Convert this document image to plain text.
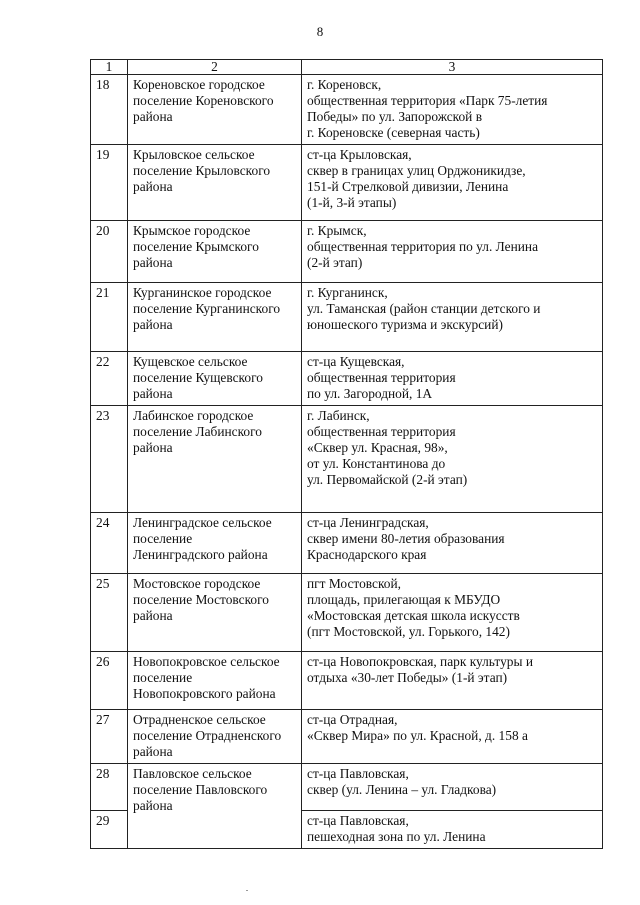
8
1	2	3
18	Кореновское городское
поселение Кореновского
района	г. Кореновск,
общественная территория «Парк 75-летия
Победы» по ул. Запорожской в
г. Кореновске (северная часть)

19	Крыловское сельское
поселение Крыловского
района	ст-ца Крыловская,
сквер в границах улиц Орджоникидзе,
151-й Стрелковой дивизии, Ленина
(1-й, 3-й этапы)

20	Крымское городское
поселение Крымского
района	г. Крымск,
общественная территория по ул. Ленина
(2-й этап)

21	Курганинское городское
поселение Курганинского
района	г. Курганинск,
ул. Таманская (район станции детского и
юношеского туризма и экскурсий)

22	Кущевское сельское
поселение Кущевского
района	ст-ца Кущевская,
общественная территория
по ул. Загородной, 1А

23	Лабинское городское
поселение Лабинского
района	г. Лабинск,
общественная территория
«Сквер ул. Красная, 98»,
от ул. Константинова до
ул. Первомайской (2-й этап)

24	Ленинградское сельское
поселение
Ленинградского района	ст-ца Ленинградская,
сквер имени 80-летия образования
Краснодарского края

25	Мостовское городское
поселение Мостовского
района	пгт Мостовской,
площадь, прилегающая к МБУДО
«Мостовская детская школа искусств
(пгт Мостовской, ул. Горького, 142)

26	Новопокровское сельское
поселение
Новопокровского района	ст-ца Новопокровская, парк культуры и
отдыха «30-лет Победы» (1-й этап)

27	Отрадненское сельское
поселение Отрадненского
района	ст-ца Отрадная,
«Сквер Мира» по ул. Красной, д. 158 а

28	Павловское сельское
поселение Павловского
района	ст-ца Павловская,
сквер (ул. Ленина – ул. Гладкова)

29		ст-ца Павловская,
пешеходная зона по ул. Ленина
